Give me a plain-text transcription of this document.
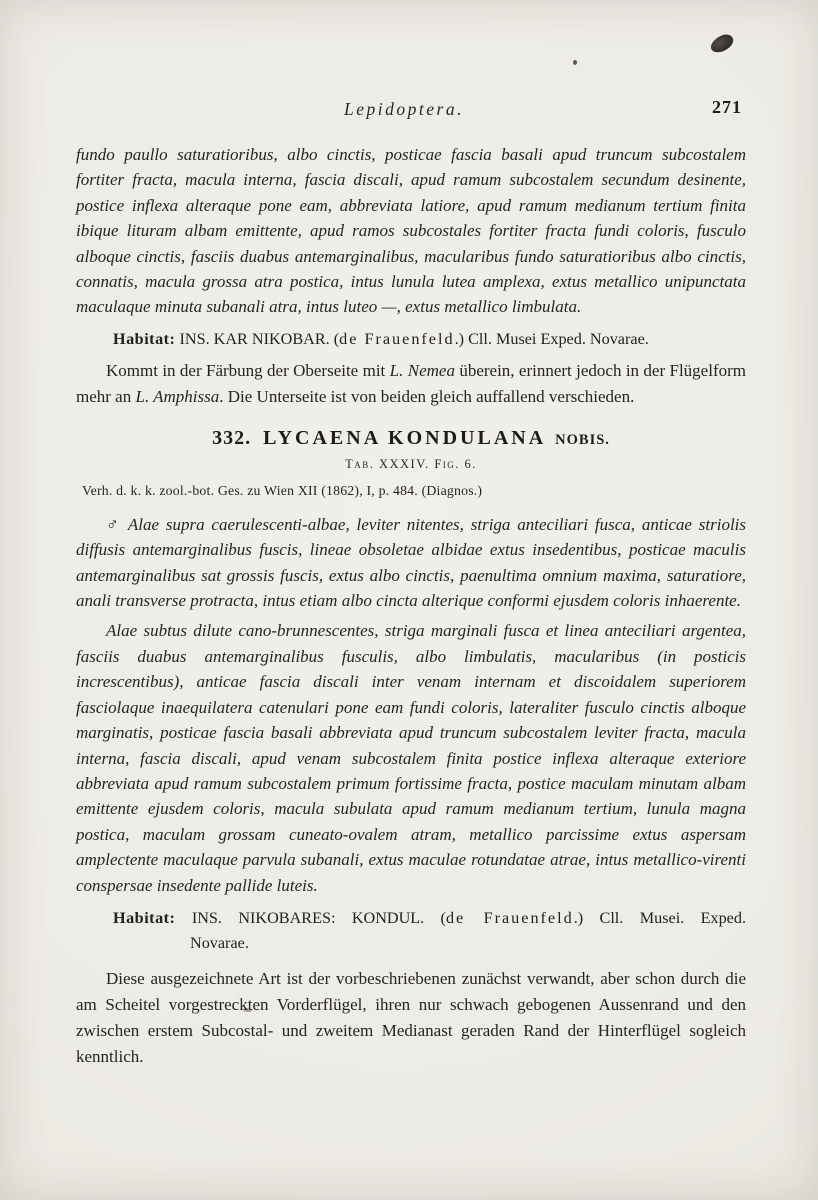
Lepidoptera.	271

fundo paullo saturatioribus, albo cinctis, posticae fascia basali apud truncum subcostalem fortiter fracta, macula interna, fascia discali, apud ramum subcostalem secundum desinente, postice inflexa alteraque pone eam, abbreviata latiore, apud ramum medianum tertium finita ibique lituram albam emittente, apud ramos subcostales fortiter fracta fundi coloris, fusculo alboque cinctis, fasciis duabus antemarginalibus, macularibus fundo saturatioribus albo cinctis, connatis, macula grossa atra postica, intus lunula lutea amplexa, extus metallico unipunctata maculaque minuta subanali atra, intus luteo —, extus metallico limbulata.

Habitat: INS. KAR NIKOBAR. (de Frauenfeld.) Cll. Musei Exped. Novarae.

Kommt in der Färbung der Oberseite mit L. Nemea überein, erinnert jedoch in der Flügelform mehr an L. Amphissa. Die Unterseite ist von beiden gleich auffallend verschieden.

332. LYCAENA KONDULANA NOBIS.
Tab. XXXIV. Fig. 6.
Verh. d. k. k. zool.-bot. Ges. zu Wien XII (1862), I, p. 484. (Diagnos.)

♂ Alae supra caerulescenti-albae, leviter nitentes, striga anteciliari fusca, anticae striolis diffusis antemarginalibus fuscis, lineae obsoletae albidae extus insedentibus, posticae maculis antemarginalibus sat grossis fuscis, extus albo cinctis, paenultima omnium maxima, saturatiore, anali transverse protracta, intus etiam albo cincta alterique conformi ejusdem coloris inhaerente.

Alae subtus dilute cano-brunnescentes, striga marginali fusca et linea anteciliari argentea, fasciis duabus antemarginalibus fusculis, albo limbulatis, macularibus (in posticis increscentibus), anticae fascia discali inter venam internam et discoidalem superiorem fasciolaque inaequilatera catenulari pone eam fundi coloris, lateraliter fusculo cinctis alboque marginatis, posticae fascia basali abbreviata apud truncum subcostalem leviter fracta, macula interna, fascia discali, apud venam subcostalem finita postice inflexa alteraque exteriore abbreviata apud ramum subcostalem primum fortissime fracta, postice maculam minutam albam emittente ejusdem coloris, macula subulata apud ramum medianum tertium, lunula magna postica, maculam grossam cuneato-ovalem atram, metallico parcissime extus aspersam amplectente maculaque parvula subanali, extus maculae rotundatae atrae, intus metallico-virenti conspersae insedente pallide luteis.

Habitat: INS. NIKOBARES: KONDUL. (de Frauenfeld.) Cll. Musei. Exped. Novarae.

Diese ausgezeichnete Art ist der vorbeschriebenen zunächst verwandt, aber schon durch die am Scheitel vorgestreckten Vorderflügel, ihren nur schwach gebogenen Aussenrand und den zwischen erstem Subcostal- und zweitem Medianast geraden Rand der Hinterflügel sogleich kenntlich.
